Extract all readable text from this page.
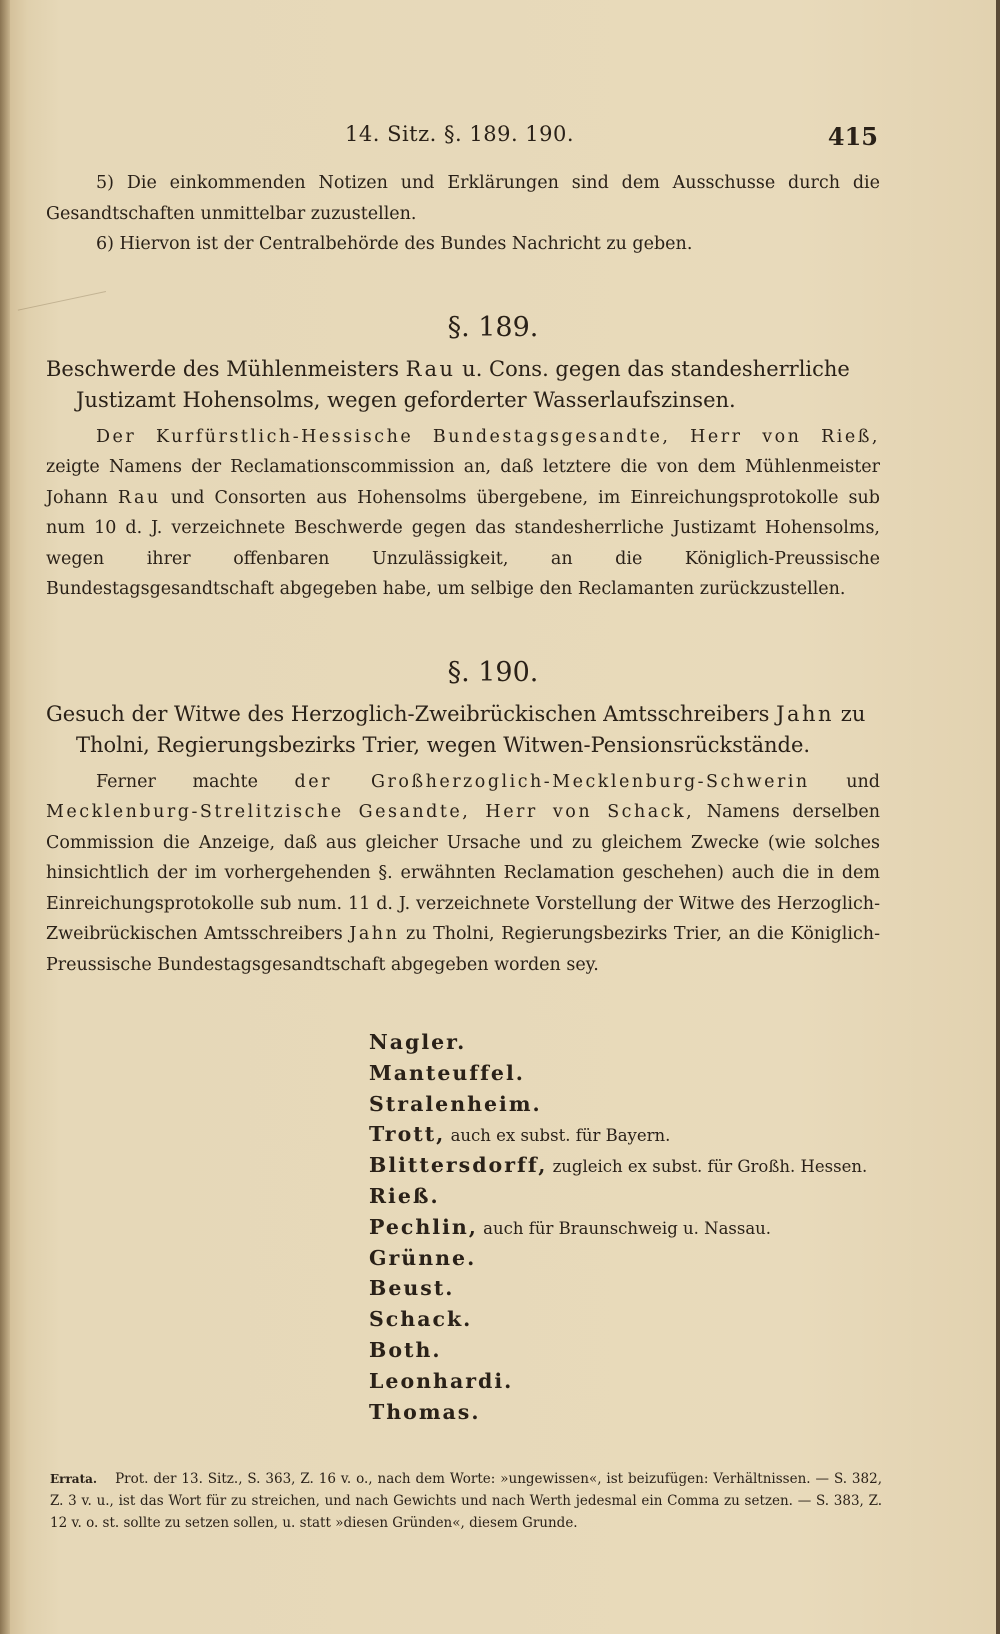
14. Sitz. §. 189. 190.	415

5) Die einkommenden Notizen und Erklärungen sind dem Ausschusse durch die Gesandtschaften unmittelbar zuzustellen.

6) Hiervon ist der Centralbehörde des Bundes Nachricht zu geben.

§. 189.

Beschwerde des Mühlenmeisters Rau u. Cons. gegen das standesherrliche Justizamt Hohensolms, wegen geforderter Wasserlaufszinsen.

Der Kurfürstlich-Hessische Bundestagsgesandte, Herr von Rieß, zeigte Namens der Reclamationscommission an, daß letztere die von dem Mühlenmeister Johann Rau und Consorten aus Hohensolms übergebene, im Einreichungsprotokolle sub num 10 d. J. verzeichnete Beschwerde gegen das standesherrliche Justizamt Hohensolms, wegen ihrer offenbaren Unzulässigkeit, an die Königlich-Preussische Bundestagsgesandtschaft abgegeben habe, um selbige den Reclamanten zurückzustellen.

§. 190.

Gesuch der Witwe des Herzoglich-Zweibrückischen Amtsschreibers Jahn zu Tholni, Regierungsbezirks Trier, wegen Witwen-Pensionsrückstände.

Ferner machte der Großherzoglich-Mecklenburg-Schwerin und Mecklenburg-Strelitzische Gesandte, Herr von Schack, Namens derselben Commission die Anzeige, daß aus gleicher Ursache und zu gleichem Zwecke (wie solches hinsichtlich der im vorhergehenden §. erwähnten Reclamation geschehen) auch die in dem Einreichungsprotokolle sub num. 11 d. J. verzeichnete Vorstellung der Witwe des Herzoglich-Zweibrückischen Amtsschreibers Jahn zu Tholni, Regierungsbezirks Trier, an die Königlich-Preussische Bundestagsgesandtschaft abgegeben worden sey.

Nagler.
Manteuffel.
Stralenheim.
Trott, auch ex subst. für Bayern.
Blittersdorff, zugleich ex subst. für Großh. Hessen.
Rieß.
Pechlin, auch für Braunschweig u. Nassau.
Grünne.
Beust.
Schack.
Both.
Leonhardi.
Thomas.
Errata. Prot. der 13. Sitz., S. 363, Z. 16 v. o., nach dem Worte: »ungewissen«, ist beizufügen: Verhältnissen. — S. 382, Z. 3 v. u., ist das Wort für zu streichen, und nach Gewichts und nach Werth jedesmal ein Comma zu setzen. — S. 383, Z. 12 v. o. st. sollte zu setzen sollen, u. statt »diesen Gründen«, diesem Grunde.
